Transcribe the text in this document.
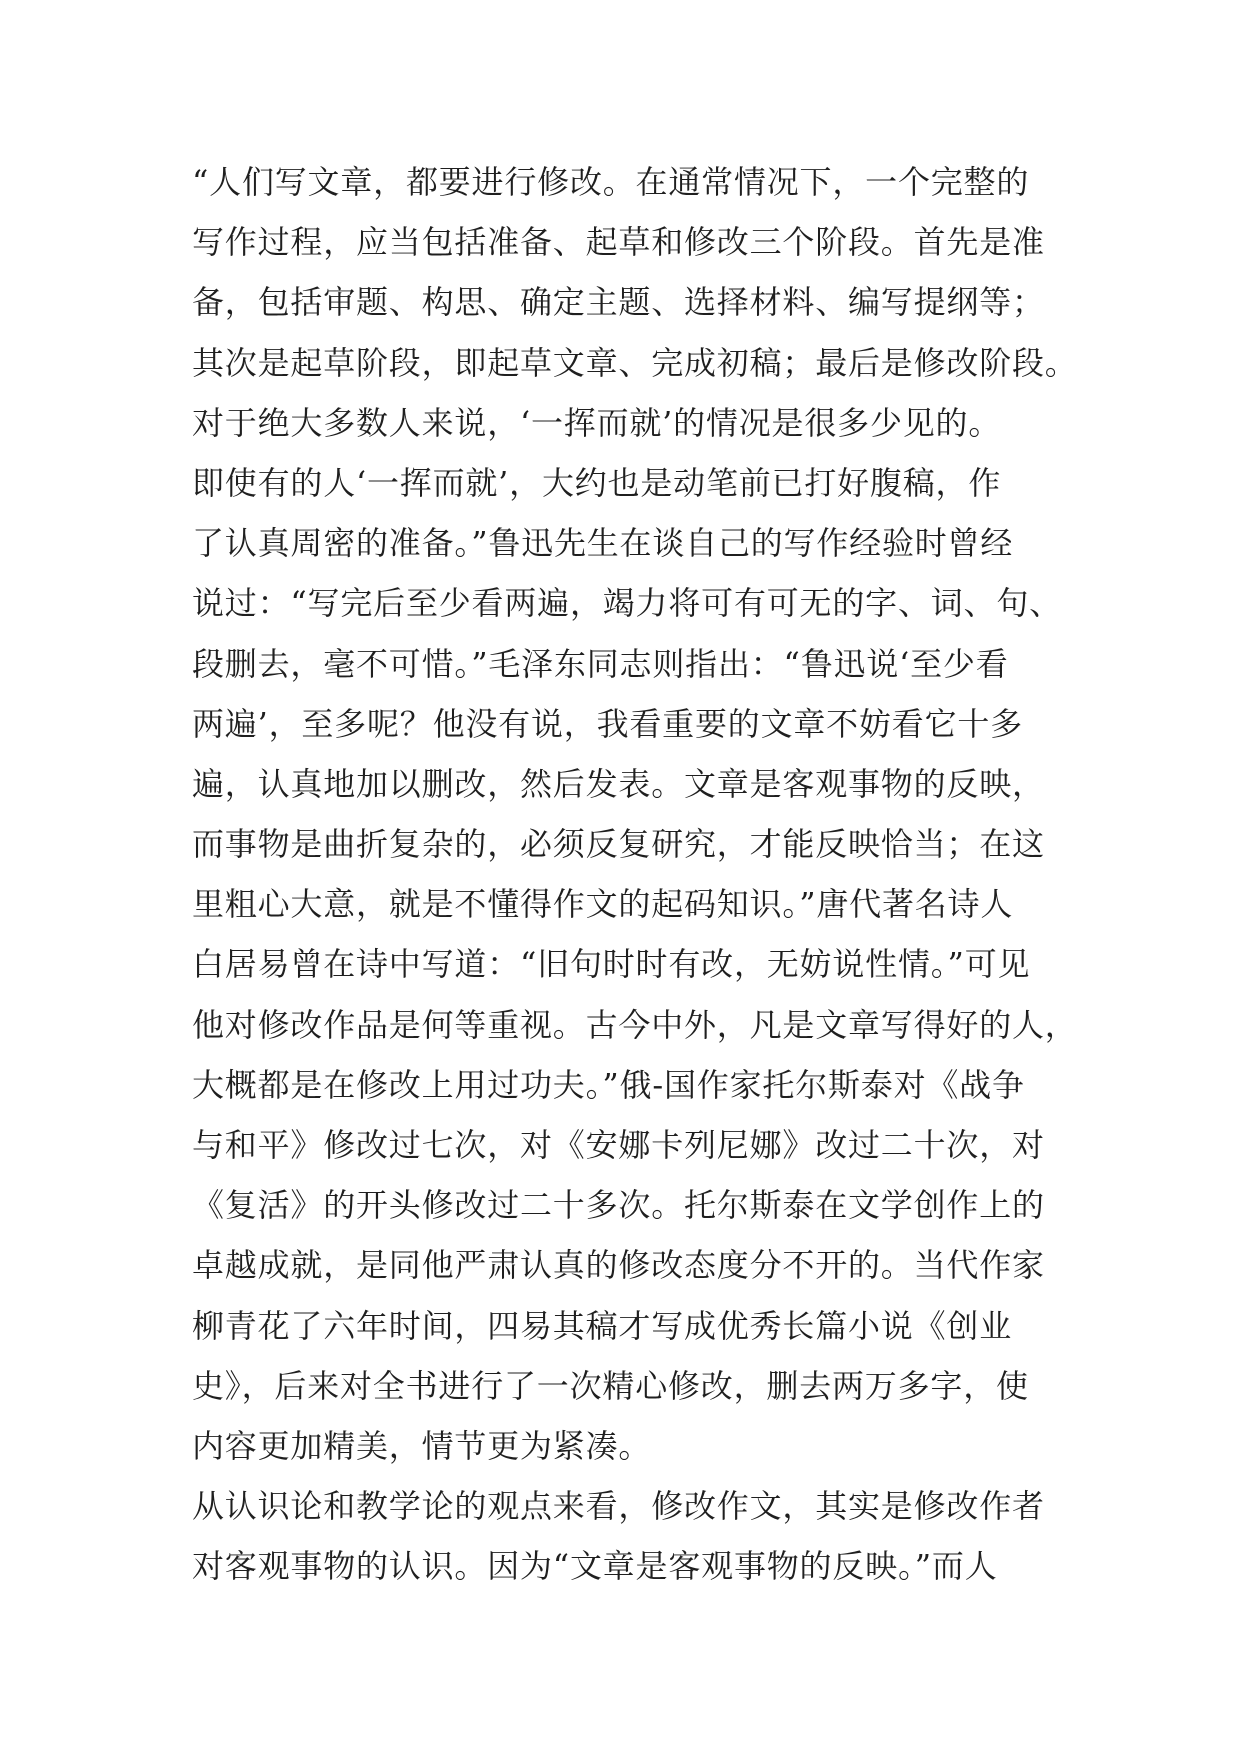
“人们写文章，都要进行修改。在通常情况下，一个完整的
写作过程，应当包括准备、起草和修改三个阶段。首先是准
备，包括审题、构思、确定主题、选择材料、编写提纲等；
其次是起草阶段，即起草文章、完成初稿；最后是修改阶段。
对于绝大多数人来说，‘一挥而就’的情况是很多少见的。
即使有的人‘一挥而就’，大约也是动笔前已打好腹稿，作
了认真周密的准备。”鲁迅先生在谈自己的写作经验时曾经
说过：“写完后至少看两遍，竭力将可有可无的字、词、句、
段删去，毫不可惜。”毛泽东同志则指出：“鲁迅说‘至少看
两遍’，至多呢？他没有说，我看重要的文章不妨看它十多
遍，认真地加以删改，然后发表。文章是客观事物的反映，
而事物是曲折复杂的，必须反复研究，才能反映恰当；在这
里粗心大意，就是不懂得作文的起码知识。”唐代著名诗人
白居易曾在诗中写道：“旧句时时有改，无妨说性情。”可见
他对修改作品是何等重视。古今中外，凡是文章写得好的人，
大概都是在修改上用过功夫。”俄-国作家托尔斯泰对《战争
与和平》修改过七次，对《安娜卡列尼娜》改过二十次，对
《复活》的开头修改过二十多次。托尔斯泰在文学创作上的
卓越成就，是同他严肃认真的修改态度分不开的。当代作家
柳青花了六年时间，四易其稿才写成优秀长篇小说《创业
史》，后来对全书进行了一次精心修改，删去两万多字，使
内容更加精美，情节更为紧凑。
从认识论和教学论的观点来看，修改作文，其实是修改作者
对客观事物的认识。因为“文章是客观事物的反映。”而人
